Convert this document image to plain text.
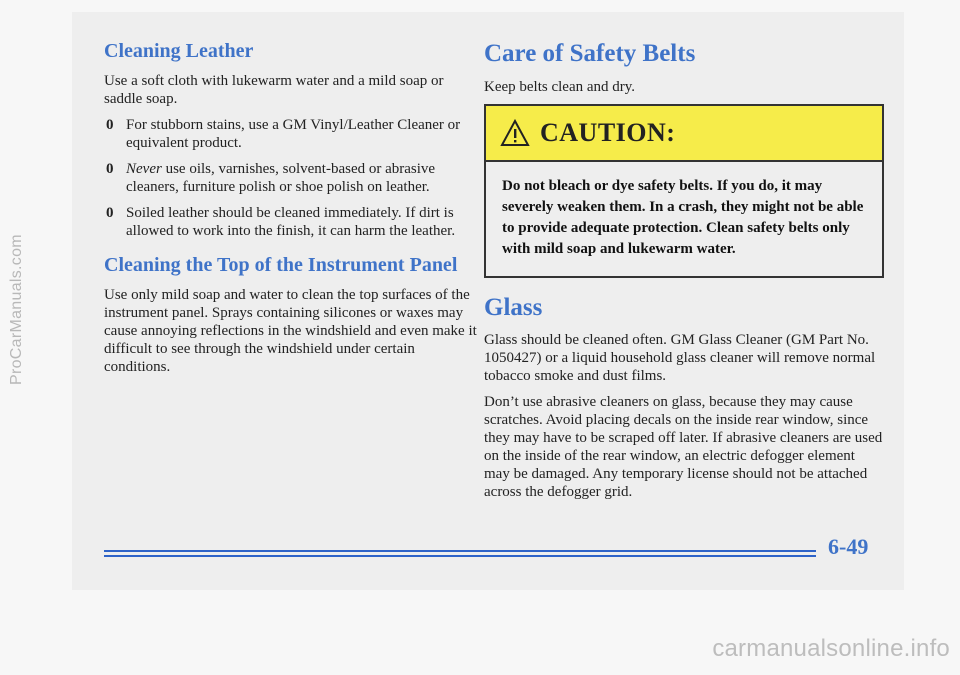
Cleaning Leather

Use a soft cloth with lukewarm water and a mild soap or saddle soap.

0 For stubborn stains, use a GM Vinyl/Leather Cleaner or equivalent product.
0 Never use oils, varnishes, solvent-based or abrasive cleaners, furniture polish or shoe polish on leather.
0 Soiled leather should be cleaned immediately. If dirt is allowed to work into the finish, it can harm the leather.
Cleaning the Top of the Instrument Panel

Use only mild soap and water to clean the top surfaces of the instrument panel. Sprays containing silicones or waxes may cause annoying reflections in the windshield and even make it difficult to see through the windshield under certain conditions.

Care of Safety Belts

Keep belts clean and dry.

CAUTION:
Do not bleach or dye safety belts. If you do, it may severely weaken them. In a crash, they might not be able to provide adequate protection. Clean safety belts only with mild soap and lukewarm water.
Glass

Glass should be cleaned often. GM Glass Cleaner (GM Part No. 1050427) or a liquid household glass cleaner will remove normal tobacco smoke and dust films.

Don’t use abrasive cleaners on glass, because they may cause scratches. Avoid placing decals on the inside rear window, since they may have to be scraped off later. If abrasive cleaners are used on the inside of the rear window, an electric defogger element may be damaged. Any temporary license should not be attached across the defogger grid.

6-49
ProCarManuals.com
carmanualsonline.info
